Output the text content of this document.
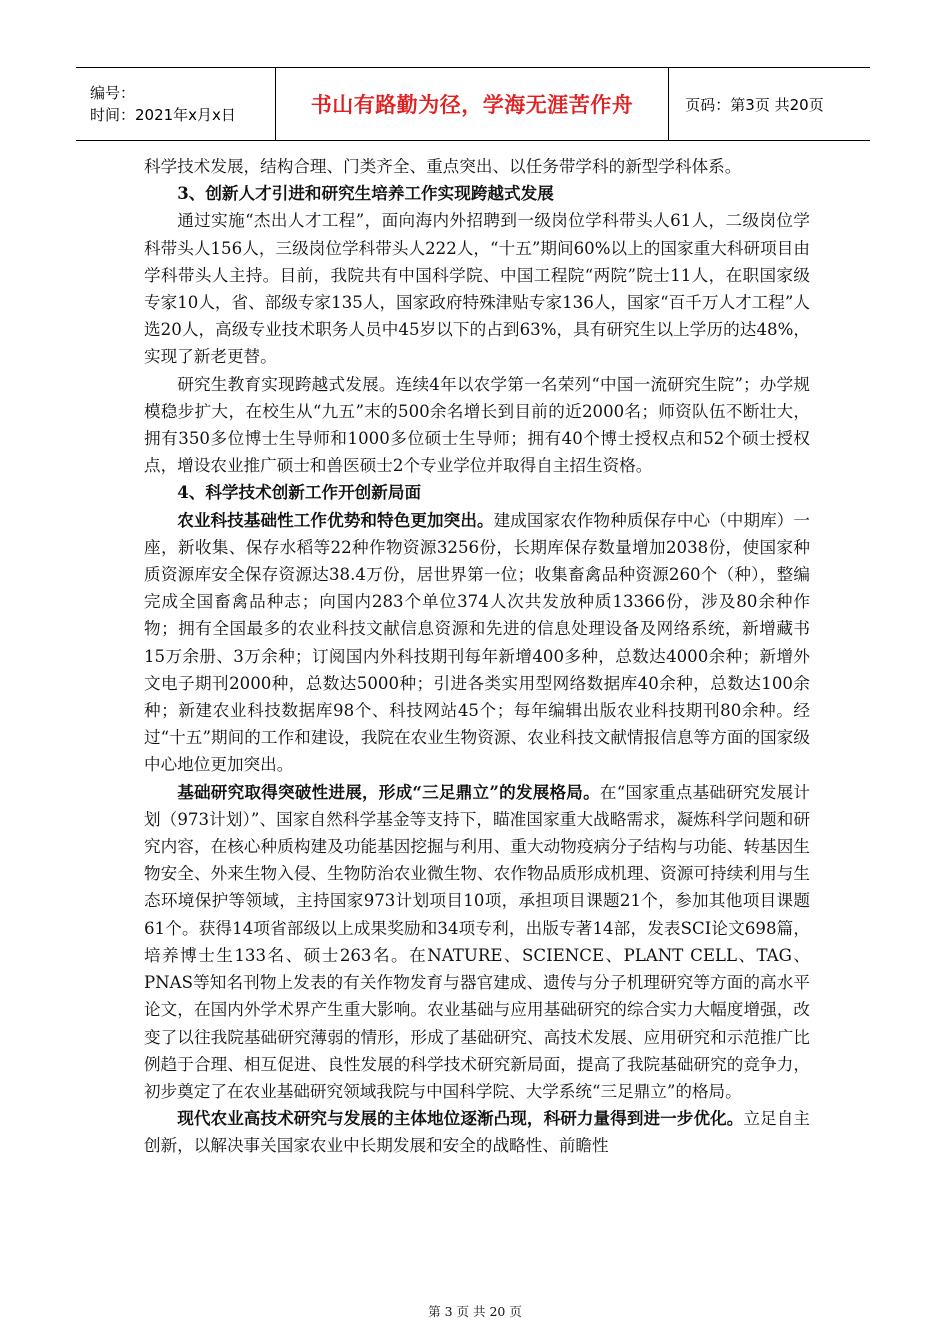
编号：
时间：2021年x月x日	书山有路勤为径，学海无涯苦作舟	页码：第3页 共20页

科学技术发展，结构合理、门类齐全、重点突出、以任务带学科的新型学科体系。

3、创新人才引进和研究生培养工作实现跨越式发展

通过实施“杰出人才工程”，面向海内外招聘到一级岗位学科带头人61人，二级岗位学科带头人156人，三级岗位学科带头人222人，“十五”期间60%以上的国家重大科研项目由学科带头人主持。目前，我院共有中国科学院、中国工程院“两院”院士11人，在职国家级专家10人，省、部级专家135人，国家政府特殊津贴专家136人，国家“百千万人才工程”人选20人，高级专业技术职务人员中45岁以下的占到63%，具有研究生以上学历的达48%，实现了新老更替。

研究生教育实现跨越式发展。连续4年以农学第一名荣列“中国一流研究生院”；办学规模稳步扩大，在校生从“九五”末的500余名增长到目前的近2000名；师资队伍不断壮大，拥有350多位博士生导师和1000多位硕士生导师；拥有40个博士授权点和52个硕士授权点，增设农业推广硕士和兽医硕士2个专业学位并取得自主招生资格。

4、科学技术创新工作开创新局面

农业科技基础性工作优势和特色更加突出。建成国家农作物种质保存中心（中期库）一座，新收集、保存水稻等22种作物资源3256份，长期库保存数量增加2038份，使国家种质资源库安全保存资源达38.4万份，居世界第一位；收集畜禽品种资源260个（种），整编完成全国畜禽品种志；向国内283个单位374人次共发放种质13366份，涉及80余种作物；拥有全国最多的农业科技文献信息资源和先进的信息处理设备及网络系统，新增藏书15万余册、3万余种；订阅国内外科技期刊每年新增400多种，总数达4000余种；新增外文电子期刊2000种，总数达5000种；引进各类实用型网络数据库40余种，总数达100余种；新建农业科技数据库98个、科技网站45个；每年编辑出版农业科技期刊80余种。经过“十五”期间的工作和建设，我院在农业生物资源、农业科技文献情报信息等方面的国家级中心地位更加突出。

基础研究取得突破性进展，形成“三足鼎立”的发展格局。在“国家重点基础研究发展计划（973计划）”、国家自然科学基金等支持下，瞄准国家重大战略需求，凝炼科学问题和研究内容，在核心种质构建及功能基因挖掘与利用、重大动物疫病分子结构与功能、转基因生物安全、外来生物入侵、生物防治农业微生物、农作物品质形成机理、资源可持续利用与生态环境保护等领域，主持国家973计划项目10项，承担项目课题21个，参加其他项目课题61个。获得14项省部级以上成果奖励和34项专利，出版专著14部，发表SCI论文698篇，培养博士生133名、硕士263名。在NATURE、SCIENCE、PLANT CELL、TAG、PNAS等知名刊物上发表的有关作物发育与器官建成、遗传与分子机理研究等方面的高水平论文，在国内外学术界产生重大影响。农业基础与应用基础研究的综合实力大幅度增强，改变了以往我院基础研究薄弱的情形，形成了基础研究、高技术发展、应用研究和示范推广比例趋于合理、相互促进、良性发展的科学技术研究新局面，提高了我院基础研究的竞争力，初步奠定了在农业基础研究领域我院与中国科学院、大学系统“三足鼎立”的格局。

现代农业高技术研究与发展的主体地位逐渐凸现，科研力量得到进一步优化。立足自主创新，以解决事关国家农业中长期发展和安全的战略性、前瞻性

第 3 页 共 20 页
